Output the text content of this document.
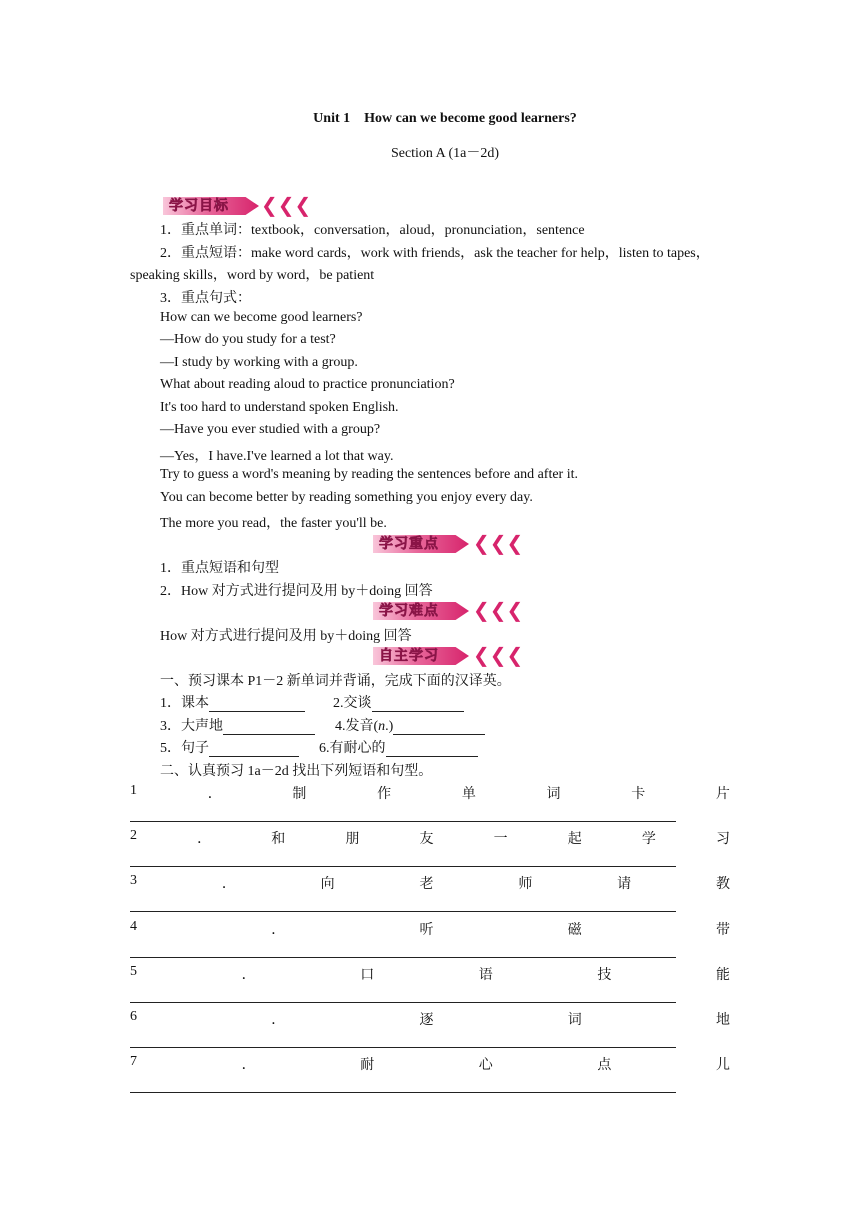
Unit 1　How can we become good learners?
Section A (1a－2d)
学习目标 ❮❮❮
1．重点单词：textbook，conversation，aloud，pronunciation，sentence
2．重点短语：make word cards，work with friends，ask the teacher for help，listen to tapes，
speaking skills，word by word，be patient
3．重点句式：
How can we become good learners?
—How do you study for a test?
—I study by working with a group.
What about reading aloud to practice pronunciation?
It's too hard to understand spoken English.
—Have you ever studied with a group?
—Yes，I have.I've learned a lot that way.
Try to guess a word's meaning by reading the sentences before and after it.
You can become better by reading something you enjoy every day.
The more you read，the faster you'll be.
学习重点 ❮❮❮
1．重点短语和句型
2．How 对方式进行提问及用 by＋doing 回答
学习难点 ❮❮❮
How 对方式进行提问及用 by＋doing 回答
自主学习 ❮❮❮
一、预习课本 P1－2 新单词并背诵，完成下面的汉译英。
1．课本	2.交谈
3．大声地	4.发音(n.)
5．句子	6.有耐心的
二、认真预习 1a－2d 找出下列短语和句型。
1	．	制	作	单	词	卡	片
2	．	和	朋	友	一	起	学	习
3	．	向	老	师	请	教
4	．	听	磁	带
5	．	口	语	技	能
6	．	逐	词	地
7	．	耐	心	点	儿
